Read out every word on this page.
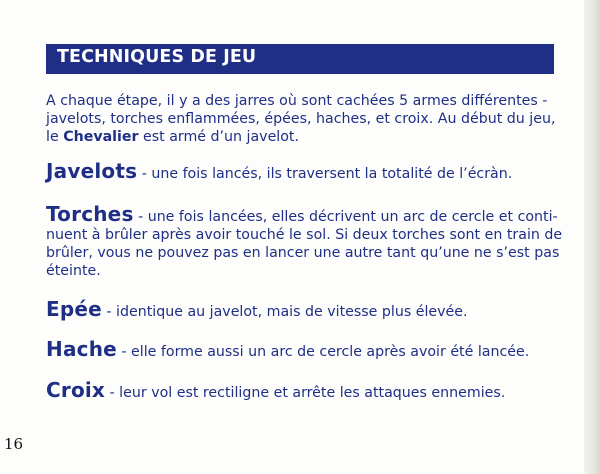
TECHNIQUES DE JEU
A chaque étape, il y a des jarres où sont cachées 5 armes différentes -
javelots, torches enflammées, épées, haches, et croix. Au début du jeu,
le Chevalier est armé d’un javelot.
Javelots - une fois lancés, ils traversent la totalité de l’écràn.
Torches - une fois lancées, elles décrivent un arc de cercle et conti-
nuent à brûler après avoir touché le sol. Si deux torches sont en train de
brûler, vous ne pouvez pas en lancer une autre tant qu’une ne s’est pas
éteinte.
Epée - identique au javelot, mais de vitesse plus élevée.
Hache - elle forme aussi un arc de cercle après avoir été lancée.
Croix - leur vol est rectiligne et arrête les attaques ennemies.
16
